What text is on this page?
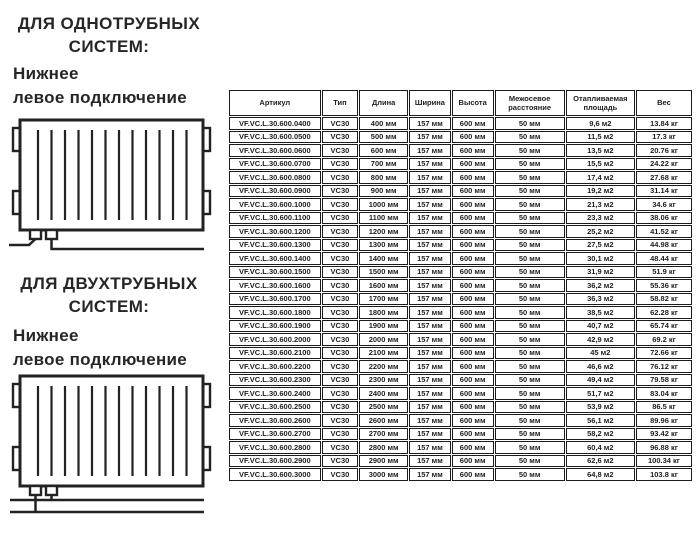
ДЛЯ ОДНОТРУБНЫХ
СИСТЕМ:
Нижнее
левое подключение
ДЛЯ ДВУХТРУБНЫХ
СИСТЕМ:
Нижнее
левое подключение
Артикул	Тип	Длина	Ширина	Высота	Межосевое расстояние	Отапливаемая площадь	Вес
VF.VC.L.30.600.0400	VC30	400 мм	157 мм	600 мм	50 мм	9,6 м2	13.84 кг
VF.VC.L.30.600.0500	VC30	500 мм	157 мм	600 мм	50 мм	11,5 м2	17.3 кг
VF.VC.L.30.600.0600	VC30	600 мм	157 мм	600 мм	50 мм	13,5 м2	20.76 кг
VF.VC.L.30.600.0700	VC30	700 мм	157 мм	600 мм	50 мм	15,5 м2	24.22 кг
VF.VC.L.30.600.0800	VC30	800 мм	157 мм	600 мм	50 мм	17,4 м2	27.68 кг
VF.VC.L.30.600.0900	VC30	900 мм	157 мм	600 мм	50 мм	19,2 м2	31.14 кг
VF.VC.L.30.600.1000	VC30	1000 мм	157 мм	600 мм	50 мм	21,3 м2	34.6 кг
VF.VC.L.30.600.1100	VC30	1100 мм	157 мм	600 мм	50 мм	23,3 м2	38.06 кг
VF.VC.L.30.600.1200	VC30	1200 мм	157 мм	600 мм	50 мм	25,2 м2	41.52 кг
VF.VC.L.30.600.1300	VC30	1300 мм	157 мм	600 мм	50 мм	27,5 м2	44.98 кг
VF.VC.L.30.600.1400	VC30	1400 мм	157 мм	600 мм	50 мм	30,1 м2	48.44 кг
VF.VC.L.30.600.1500	VC30	1500 мм	157 мм	600 мм	50 мм	31,9 м2	51.9 кг
VF.VC.L.30.600.1600	VC30	1600 мм	157 мм	600 мм	50 мм	36,2 м2	55.36 кг
VF.VC.L.30.600.1700	VC30	1700 мм	157 мм	600 мм	50 мм	36,3 м2	58.82 кг
VF.VC.L.30.600.1800	VC30	1800 мм	157 мм	600 мм	50 мм	38,5 м2	62.28 кг
VF.VC.L.30.600.1900	VC30	1900 мм	157 мм	600 мм	50 мм	40,7 м2	65.74 кг
VF.VC.L.30.600.2000	VC30	2000 мм	157 мм	600 мм	50 мм	42,9 м2	69.2 кг
VF.VC.L.30.600.2100	VC30	2100 мм	157 мм	600 мм	50 мм	45 м2	72.66 кг
VF.VC.L.30.600.2200	VC30	2200 мм	157 мм	600 мм	50 мм	46,6 м2	76.12 кг
VF.VC.L.30.600.2300	VC30	2300 мм	157 мм	600 мм	50 мм	49,4 м2	79.58 кг
VF.VC.L.30.600.2400	VC30	2400 мм	157 мм	600 мм	50 мм	51,7 м2	83.04 кг
VF.VC.L.30.600.2500	VC30	2500 мм	157 мм	600 мм	50 мм	53,9 м2	86.5 кг
VF.VC.L.30.600.2600	VC30	2600 мм	157 мм	600 мм	50 мм	56,1 м2	89.96 кг
VF.VC.L.30.600.2700	VC30	2700 мм	157 мм	600 мм	50 мм	58,2 м2	93.42 кг
VF.VC.L.30.600.2800	VC30	2800 мм	157 мм	600 мм	50 мм	60,4 м2	96.88 кг
VF.VC.L.30.600.2900	VC30	2900 мм	157 мм	600 мм	50 мм	62,6 м2	100.34 кг
VF.VC.L.30.600.3000	VC30	3000 мм	157 мм	600 мм	50 мм	64,8 м2	103.8 кг
